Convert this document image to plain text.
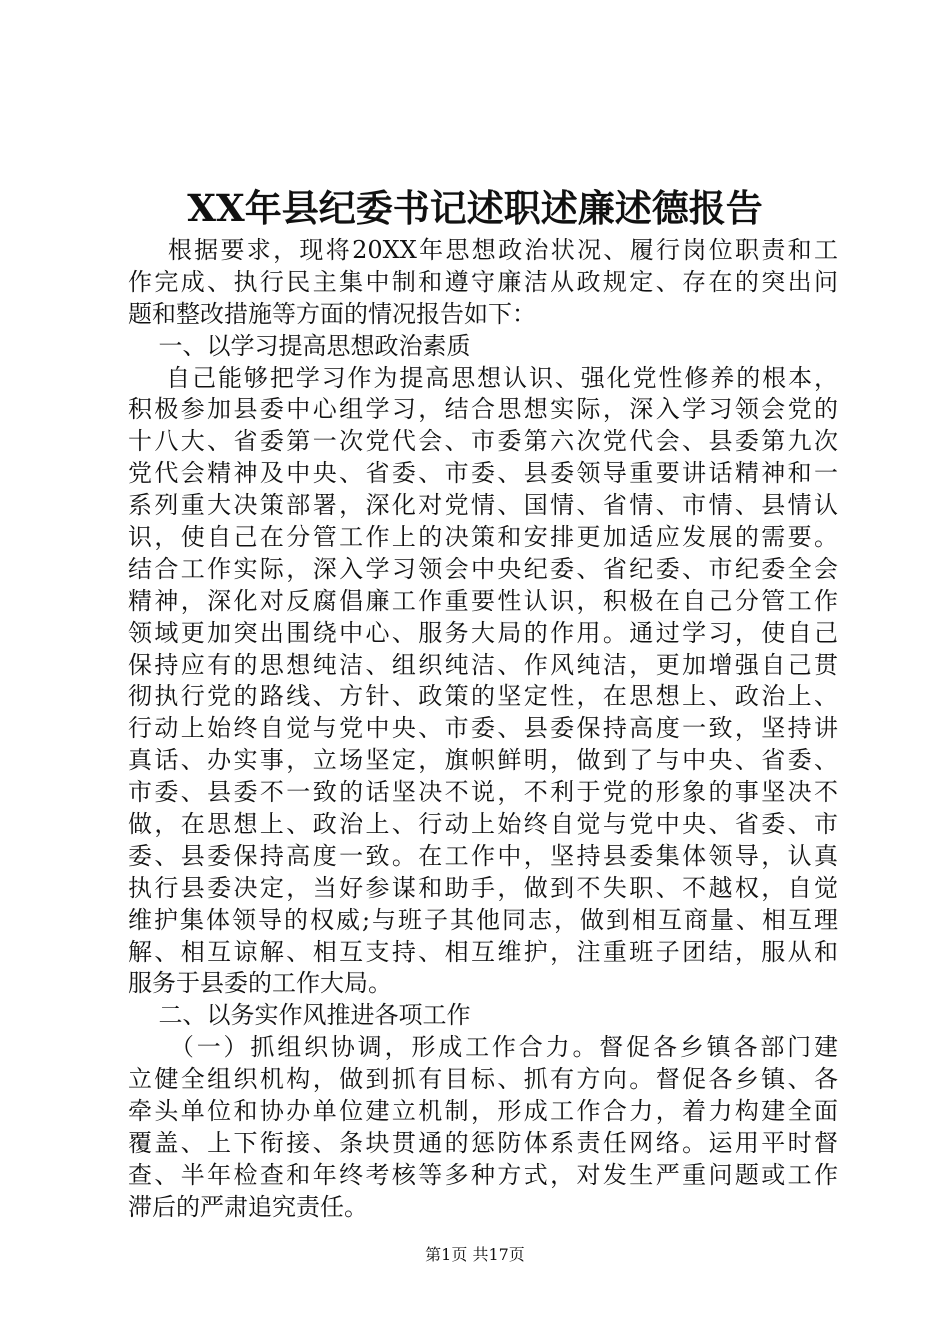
XX年县纪委书记述职述廉述德报告
根据要求，现将20XX年思想政治状况、履行岗位职责和工
作完成、执行民主集中制和遵守廉洁从政规定、存在的突出问
题和整改措施等方面的情况报告如下：
一、以学习提高思想政治素质
自己能够把学习作为提高思想认识、强化党性修养的根本，
积极参加县委中心组学习，结合思想实际，深入学习领会党的
十八大、省委第一次党代会、市委第六次党代会、县委第九次
党代会精神及中央、省委、市委、县委领导重要讲话精神和一
系列重大决策部署，深化对党情、国情、省情、市情、县情认
识，使自己在分管工作上的决策和安排更加适应发展的需要。
结合工作实际，深入学习领会中央纪委、省纪委、市纪委全会
精神，深化对反腐倡廉工作重要性认识，积极在自己分管工作
领域更加突出围绕中心、服务大局的作用。通过学习，使自己
保持应有的思想纯洁、组织纯洁、作风纯洁，更加增强自己贯
彻执行党的路线、方针、政策的坚定性，在思想上、政治上、
行动上始终自觉与党中央、市委、县委保持高度一致，坚持讲
真话、办实事，立场坚定，旗帜鲜明，做到了与中央、省委、
市委、县委不一致的话坚决不说，不利于党的形象的事坚决不
做，在思想上、政治上、行动上始终自觉与党中央、省委、市
委、县委保持高度一致。在工作中，坚持县委集体领导，认真
执行县委决定，当好参谋和助手，做到不失职、不越权，自觉
维护集体领导的权威;与班子其他同志，做到相互商量、相互理
解、相互谅解、相互支持、相互维护，注重班子团结，服从和
服务于县委的工作大局。
二、以务实作风推进各项工作
（一）抓组织协调，形成工作合力。督促各乡镇各部门建
立健全组织机构，做到抓有目标、抓有方向。督促各乡镇、各
牵头单位和协办单位建立机制，形成工作合力，着力构建全面
覆盖、上下衔接、条块贯通的惩防体系责任网络。运用平时督
查、半年检查和年终考核等多种方式，对发生严重问题或工作
滞后的严肃追究责任。
第1页 共17页
